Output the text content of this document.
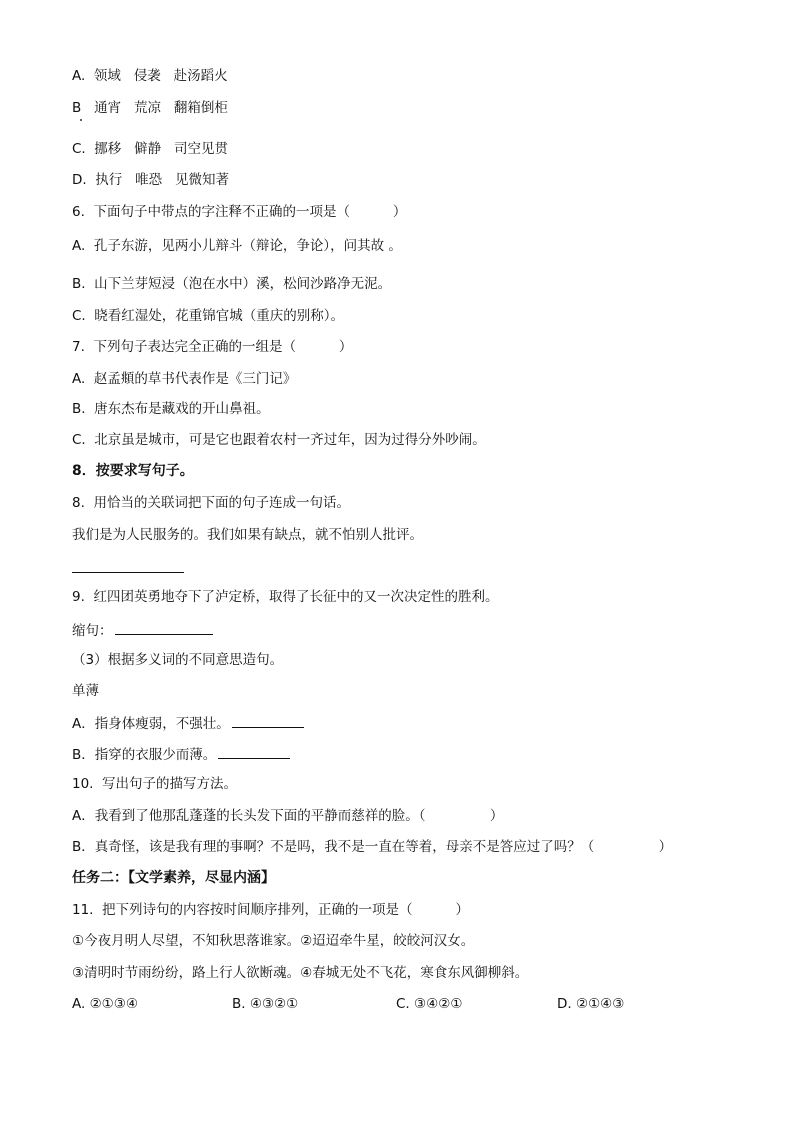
A.  领域   侵袭   赴汤蹈火
B   通宵   荒凉   翻箱倒柜
C.  挪移   僻静   司空见贯
D.  执行   唯恐   见微知著
6.  下面句子中带点的字注释不正确的一项是（          ）
A.  孔子东游，见两小儿辩斗（辩论，争论），问其故 。
B.  山下兰芽短浸（泡在水中）溪，松间沙路净无泥。
C.  晓看红湿处，花重锦官城（重庆的别称）。
7.  下列句子表达完全正确的一组是（          ）
A.  赵孟頫的草书代表作是《三门记》
B.  唐东杰布是藏戏的开山鼻祖。
C.  北京虽是城市，可是它也跟着农村一齐过年，因为过得分外吵闹。
8．按要求写句子。
8.  用恰当的关联词把下面的句子连成一句话。
我们是为人民服务的。我们如果有缺点，就不怕别人批评。
9.  红四团英勇地夺下了泸定桥，取得了长征中的又一次决定性的胜利。
缩句：
（3）根据多义词的不同意思造句。
单薄
A．指身体瘦弱，不强壮。
B．指穿的衣服少而薄。
10.  写出句子的描写方法。
A．我看到了他那乱蓬蓬的长头发下面的平静而慈祥的脸。（               ）
B．真奇怪，该是我有理的事啊？不是吗，我不是一直在等着，母亲不是答应过了吗？（               ）
任务二：【文学素养，尽显内涵】
11.  把下列诗句的内容按时间顺序排列，正确的一项是（          ）
①今夜月明人尽望，不知秋思落谁家。②迢迢牵牛星，皎皎河汉女。
③清明时节雨纷纷，路上行人欲断魂。④春城无处不飞花，寒食东风御柳斜。
A. ②①③④	B. ④③②①	C. ③④②①	D. ②①④③
